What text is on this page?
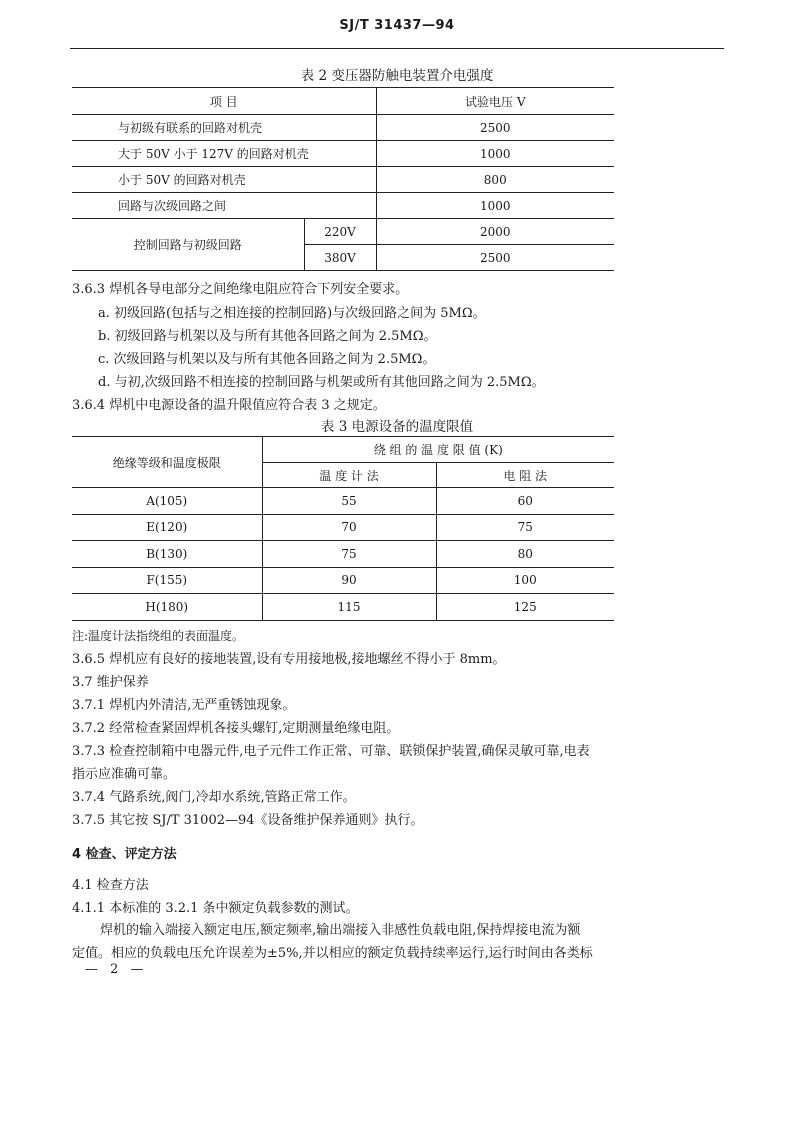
SJ/T 31437—94
表 2 变压器防触电装置介电强度
项 目		试验电压 V
与初级有联系的回路对机壳		2500
大于 50V 小于 127V 的回路对机壳		1000
小于 50V 的回路对机壳		800
回路与次级回路之间		1000
控制回路与初级回路	220V	2000
	380V	2500
3.6.3 焊机各导电部分之间绝缘电阻应符合下列安全要求。
a. 初级回路(包括与之相连接的控制回路)与次级回路之间为 5MΩ。
b. 初级回路与机架以及与所有其他各回路之间为 2.5MΩ。
c. 次级回路与机架以及与所有其他各回路之间为 2.5MΩ。
d. 与初,次级回路不相连接的控制回路与机架或所有其他回路之间为 2.5MΩ。
3.6.4 焊机中电源设备的温升限值应符合表 3 之规定。
表 3 电源设备的温度限值
绝缘等级和温度极限	绕 组 的 温 度 限 值 (K)	
	温 度 计 法	电 阻 法
A(105)	55	60
E(120)	70	75
B(130)	75	80
F(155)	90	100
H(180)	115	125
注:温度计法指绕组的表面温度。
3.6.5 焊机应有良好的接地装置,设有专用接地极,接地螺丝不得小于 8mm。
3.7 维护保养
3.7.1 焊机内外清洁,无严重锈蚀现象。
3.7.2 经常检查紧固焊机各接头螺钉,定期测量绝缘电阻。
3.7.3 检查控制箱中电器元件,电子元件工作正常、可靠、联锁保护装置,确保灵敏可靠,电表
指示应准确可靠。
3.7.4 气路系统,阀门,冷却水系统,管路正常工作。
3.7.5 其它按 SJ/T 31002—94《设备维护保养通则》执行。
4 检查、评定方法
4.1 检查方法
4.1.1 本标准的 3.2.1 条中额定负载参数的测试。
焊机的输入端接入额定电压,额定频率,输出端接入非感性负载电阻,保持焊接电流为额
定值。相应的负载电压允许误差为±5%,并以相应的额定负载持续率运行,运行时间由各类标
— 2 —
